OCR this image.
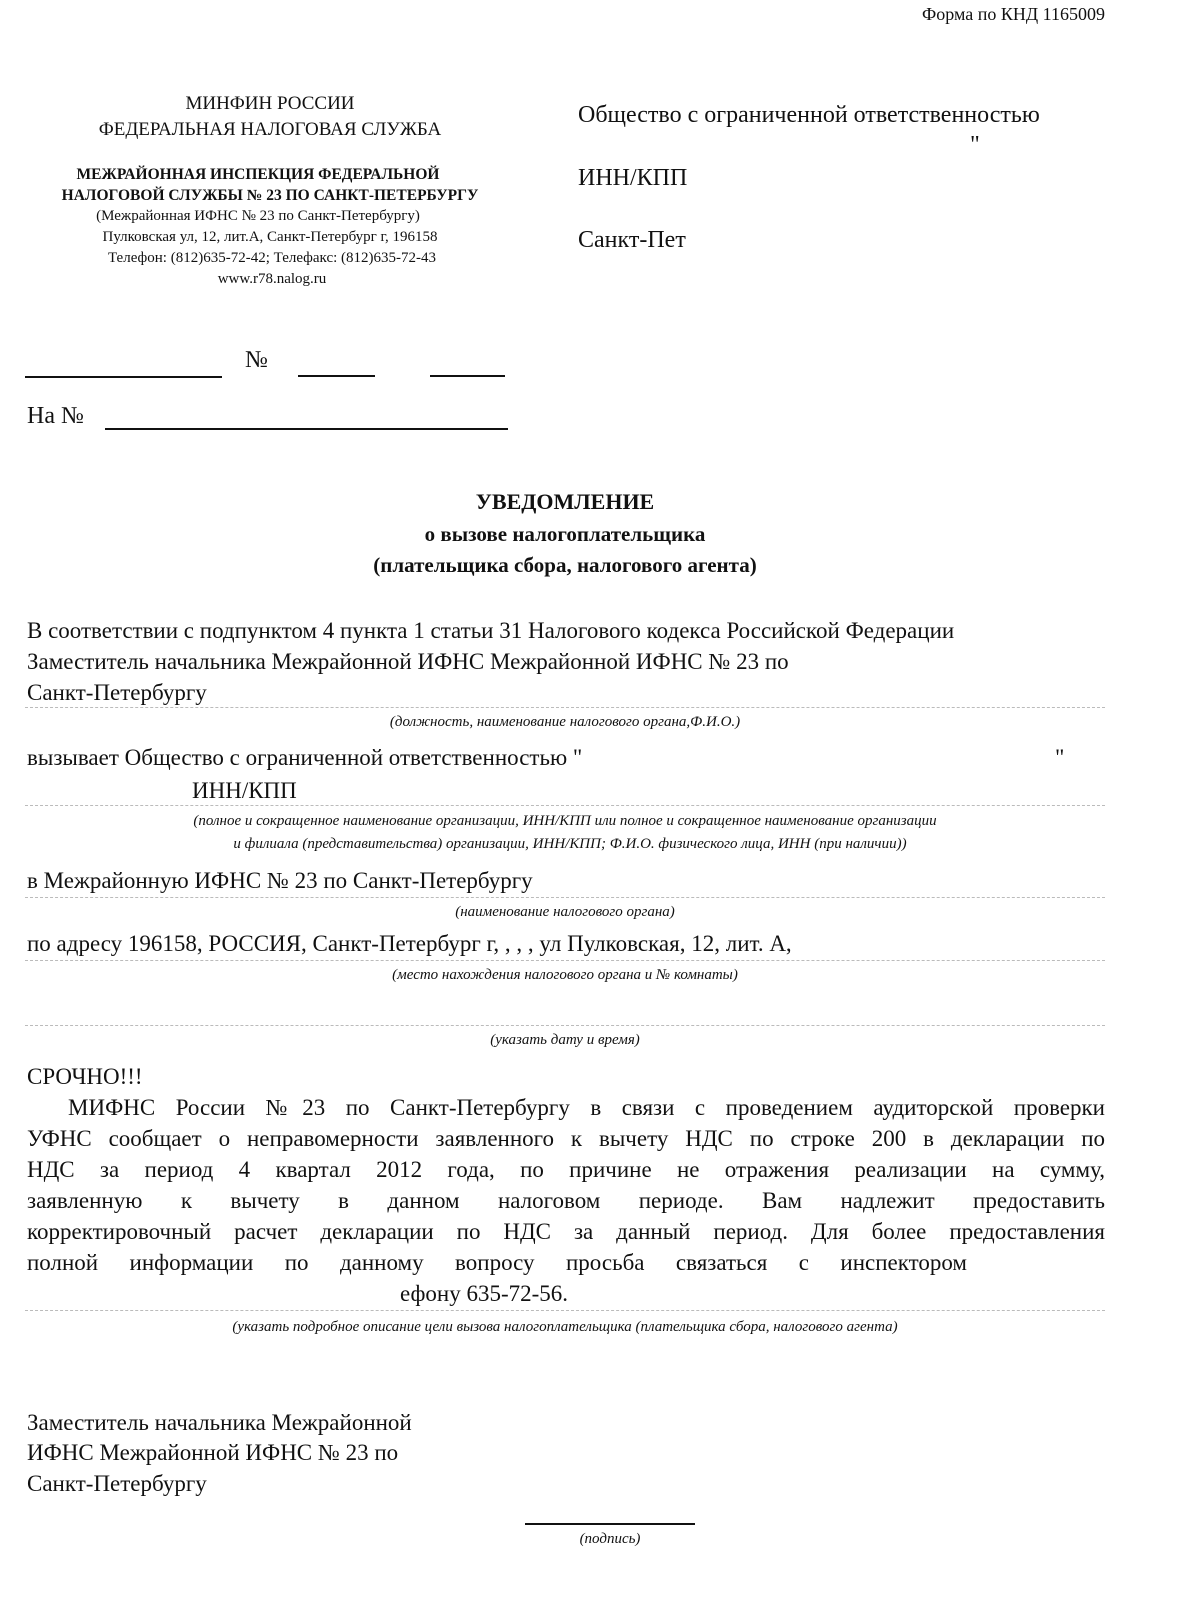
Форма по КНД 1165009
МИНФИН РОССИИ
ФЕДЕРАЛЬНАЯ НАЛОГОВАЯ СЛУЖБА
МЕЖРАЙОННАЯ ИНСПЕКЦИЯ ФЕДЕРАЛЬНОЙ
НАЛОГОВОЙ СЛУЖБЫ № 23 ПО САНКТ-ПЕТЕРБУРГУ
(Межрайонная ИФНС № 23 по Санкт-Петербургу)
Пулковская ул, 12, лит.А, Санкт-Петербург г, 196158
Телефон: (812)635-72-42; Телефакс: (812)635-72-43
www.r78.nalog.ru
Общество с ограниченной ответственностью
"
ИНН/КПП
Санкт-Пет
№
На №
УВЕДОМЛЕНИЕ
о вызове налогоплательщика
(плательщика сбора, налогового агента)
В соответствии с подпунктом 4 пункта 1 статьи 31 Налогового кодекса Российской Федерации
Заместитель начальника Межрайонной ИФНС Межрайонной ИФНС № 23 по
Санкт-Петербургу
(должность, наименование налогового органа,Ф.И.О.)
вызывает Общество с ограниченной ответственностью "	"
ИНН/КПП
(полное и сокращенное наименование организации, ИНН/КПП или полное и сокращенное наименование организации
и филиала (представительства) организации, ИНН/КПП; Ф.И.О. физического лица, ИНН (при наличии))
в Межрайонную ИФНС № 23 по Санкт-Петербургу
(наименование налогового органа)
по адресу 196158, РОССИЯ, Санкт-Петербург г, , , , ул Пулковская, 12, лит. А,
(место нахождения налогового органа и № комнаты)
(указать дату и время)
СРОЧНО!!!
МИФНС России №23 по Санкт-Петербургу в связи с проведением аудиторской проверки
УФНС сообщает о неправомерности заявленного к вычету НДС по строке 200 в декларации по
НДС за период 4 квартал 2012 года, по причине не отражения реализации на сумму,
заявленную к вычету в данном налоговом периоде. Вам надлежит предоставить
корректировочный расчет декларации по НДС за данный период. Для более предоставления
полной информации по данному вопросу просьба связаться с инспектором
ефону 635-72-56.
(указать подробное описание цели вызова налогоплательщика (плательщика сбора, налогового агента)
Заместитель начальника Межрайонной
ИФНС Межрайонной ИФНС № 23 по
Санкт-Петербургу
(подпись)
